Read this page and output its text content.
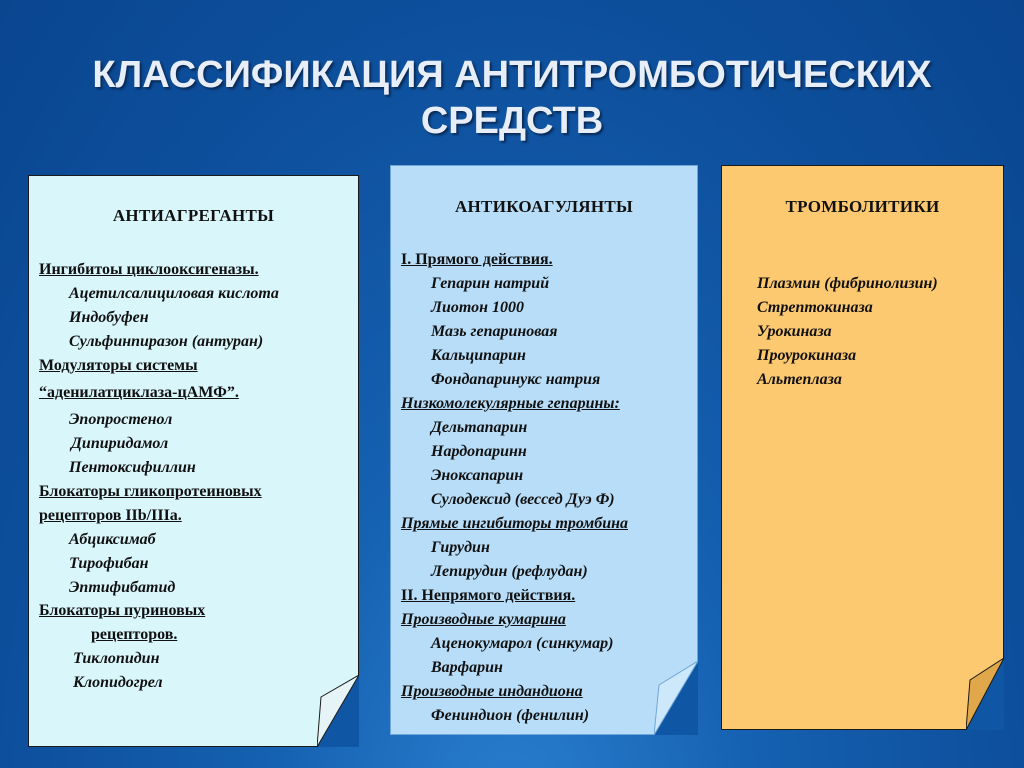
КЛАССИФИКАЦИЯ АНТИТРОМБОТИЧЕСКИХ
СРЕДСТВ
АНТИАГРЕГАНТЫ
Ингибитоы циклооксигеназы.
Ацетилсалициловая кислота
Индобуфен
Сульфинпиразон (антуран)
Модуляторы системы
“аденилатциклаза-цАМФ”.
Эпопростенол
Дипиридамол
Пентоксифиллин
Блокаторы гликопротеиновых
рецепторов IIb/IIIa.
Абциксимаб
Тирофибан
Эптифибатид
Блокаторы пуриновых
рецепторов.
Тиклопидин
Клопидогрел
АНТИКОАГУЛЯНТЫ
I. Прямого действия.
Гепарин натрий
Лиотон 1000
Мазь гепариновая
Кальципарин
Фондапаринукс натрия
Низкомолекулярные гепарины:
Дельтапарин
Нардопаринн
Эноксапарин
Сулодексид (вессед Дуэ Ф)
Прямые ингибиторы тромбина
Гирудин
Лепирудин (рефлудан)
II. Непрямого действия.
Производные кумарина
Аценокумарол (синкумар)
Варфарин
Производные индандиона
Фениндион (фенилин)
ТРОМБОЛИТИКИ
Плазмин (фибринолизин)
Стрептокиназа
Урокиназа
Проурокиназа
Альтеплаза
